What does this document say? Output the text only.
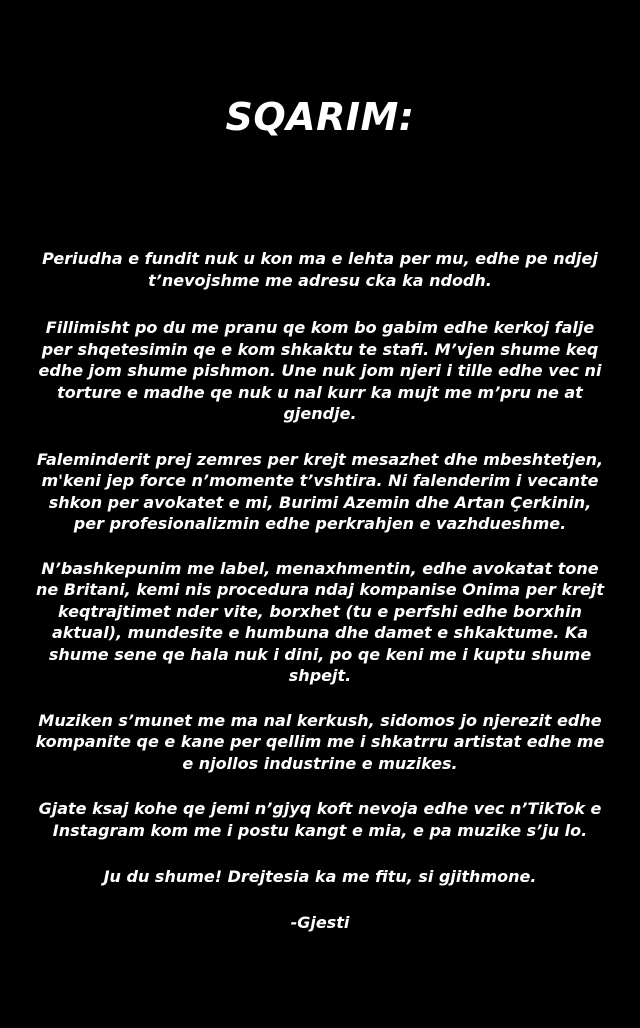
SQARIM:

Periudha e fundit nuk u kon ma e lehta per mu, edhe pe ndjej
t’nevojshme me adresu cka ka ndodh.

Fillimisht po du me pranu qe kom bo gabim edhe kerkoj falje
per shqetesimin qe e kom shkaktu te stafi. M’vjen shume keq
edhe jom shume pishmon. Une nuk jom njeri i tille edhe vec ni
torture e madhe qe nuk u nal kurr ka mujt me m’pru ne at
gjendje.

Faleminderit prej zemres per krejt mesazhet dhe mbeshtetjen,
m'keni jep force n’momente t’vshtira. Ni falenderim i vecante
shkon per avokatet e mi, Burimi Azemin dhe Artan Çerkinin,
per profesionalizmin edhe perkrahjen e vazhdueshme.

N’bashkepunim me label, menaxhmentin, edhe avokatat tone
ne Britani, kemi nis procedura ndaj kompanise Onima per krejt
keqtrajtimet nder vite, borxhet (tu e perfshi edhe borxhin
aktual), mundesite e humbuna dhe damet e shkaktume. Ka
shume sene qe hala nuk i dini, po qe keni me i kuptu shume
shpejt.

Muziken s’munet me ma nal kerkush, sidomos jo njerezit edhe
kompanite qe e kane per qellim me i shkatrru artistat edhe me
e njollos industrine e muzikes.

Gjate ksaj kohe qe jemi n’gjyq koft nevoja edhe vec n’TikTok e
Instagram kom me i postu kangt e mia, e pa muzike s’ju lo.

Ju du shume! Drejtesia ka me fitu, si gjithmone.

-Gjesti
